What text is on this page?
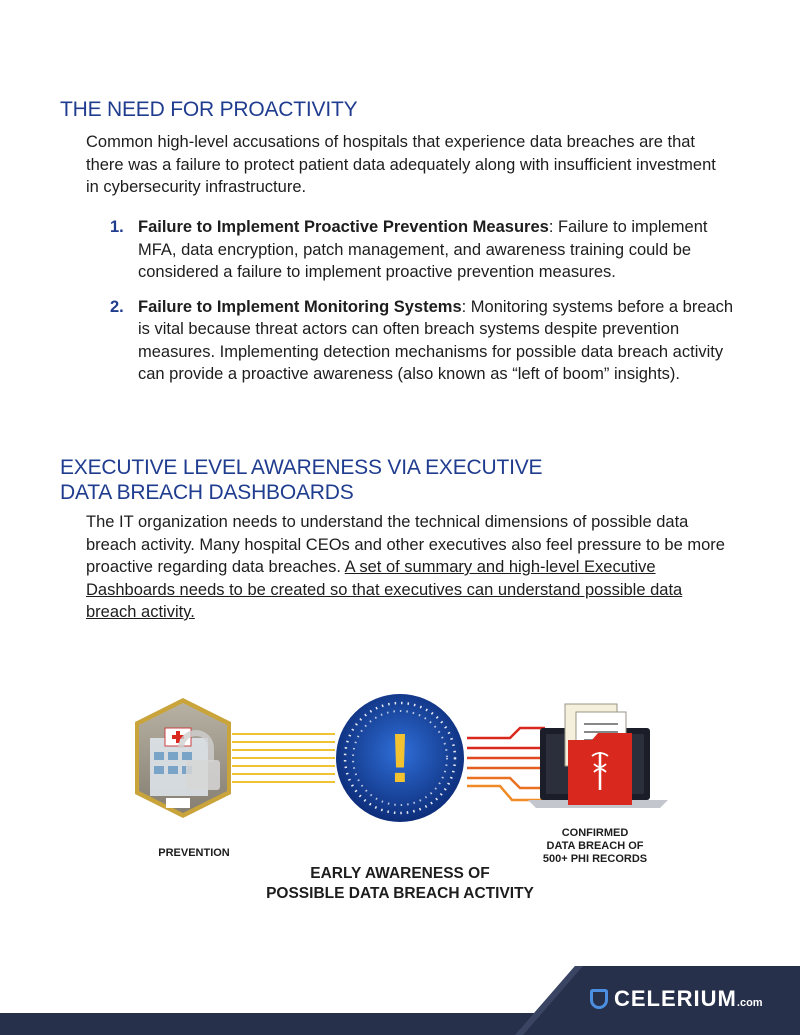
THE NEED FOR PROACTIVITY

Common high-level accusations of hospitals that experience data breaches are that there was a failure to protect patient data adequately along with insufficient investment in cybersecurity infrastructure.

1. Failure to Implement Proactive Prevention Measures: Failure to implement MFA, data encryption, patch management, and awareness training could be considered a failure to implement proactive prevention measures.
2. Failure to Implement Monitoring Systems: Monitoring systems before a breach is vital because threat actors can often breach systems despite prevention measures. Implementing detection mechanisms for possible data breach activity can provide a proactive awareness (also known as “left of boom” insights).
EXECUTIVE LEVEL AWARENESS VIA EXECUTIVE
DATA BREACH DASHBOARDS

The IT organization needs to understand the technical dimensions of possible data breach activity. Many hospital CEOs and other executives also feel pressure to be more proactive regarding data breaches. A set of summary and high-level Executive Dashboards needs to be created so that executives can understand possible data breach activity.

!
PREVENTION
CONFIRMED
DATA BREACH OF
500+ PHI RECORDS
EARLY AWARENESS OF
POSSIBLE DATA BREACH ACTIVITY
CELERIUM.com
